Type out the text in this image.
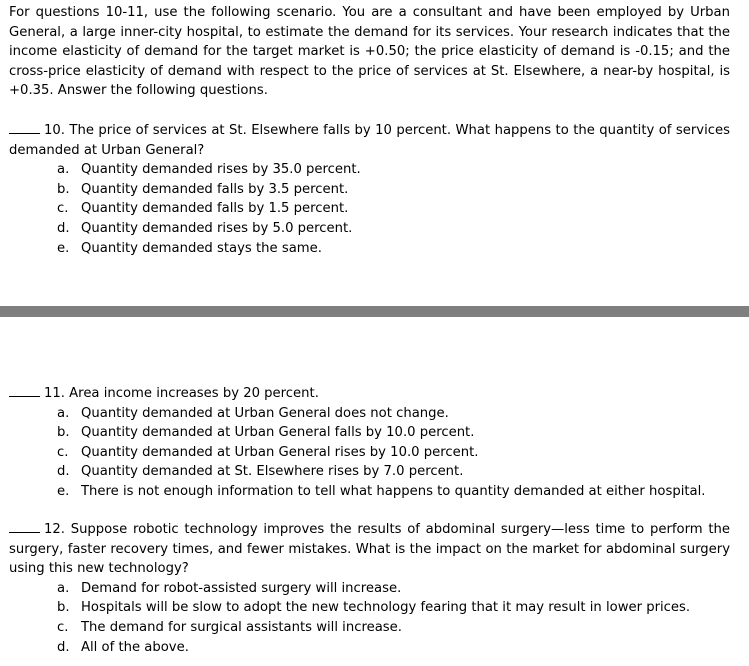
For questions 10-11, use the following scenario. You are a consultant and have been employed by Urban General, a large inner-city hospital, to estimate the demand for its services. Your research indicates that the income elasticity of demand for the target market is +0.50; the price elasticity of demand is -0.15; and the cross-price elasticity of demand with respect to the price of services at St. Elsewhere, a near-by hospital, is +0.35. Answer the following questions.

10. The price of services at St. Elsewhere falls by 10 percent. What happens to the quantity of services demanded at Urban General?

a. Quantity demanded rises by 35.0 percent.
b. Quantity demanded falls by 3.5 percent.
c. Quantity demanded falls by 1.5 percent.
d. Quantity demanded rises by 5.0 percent.
e. Quantity demanded stays the same.

11. Area income increases by 20 percent.

a. Quantity demanded at Urban General does not change.
b. Quantity demanded at Urban General falls by 10.0 percent.
c. Quantity demanded at Urban General rises by 10.0 percent.
d. Quantity demanded at St. Elsewhere rises by 7.0 percent.
e. There is not enough information to tell what happens to quantity demanded at either hospital.

12. Suppose robotic technology improves the results of abdominal surgery—less time to perform the surgery, faster recovery times, and fewer mistakes. What is the impact on the market for abdominal surgery using this new technology?

a. Demand for robot-assisted surgery will increase.
b. Hospitals will be slow to adopt the new technology fearing that it may result in lower prices.
c. The demand for surgical assistants will increase.
d. All of the above.
